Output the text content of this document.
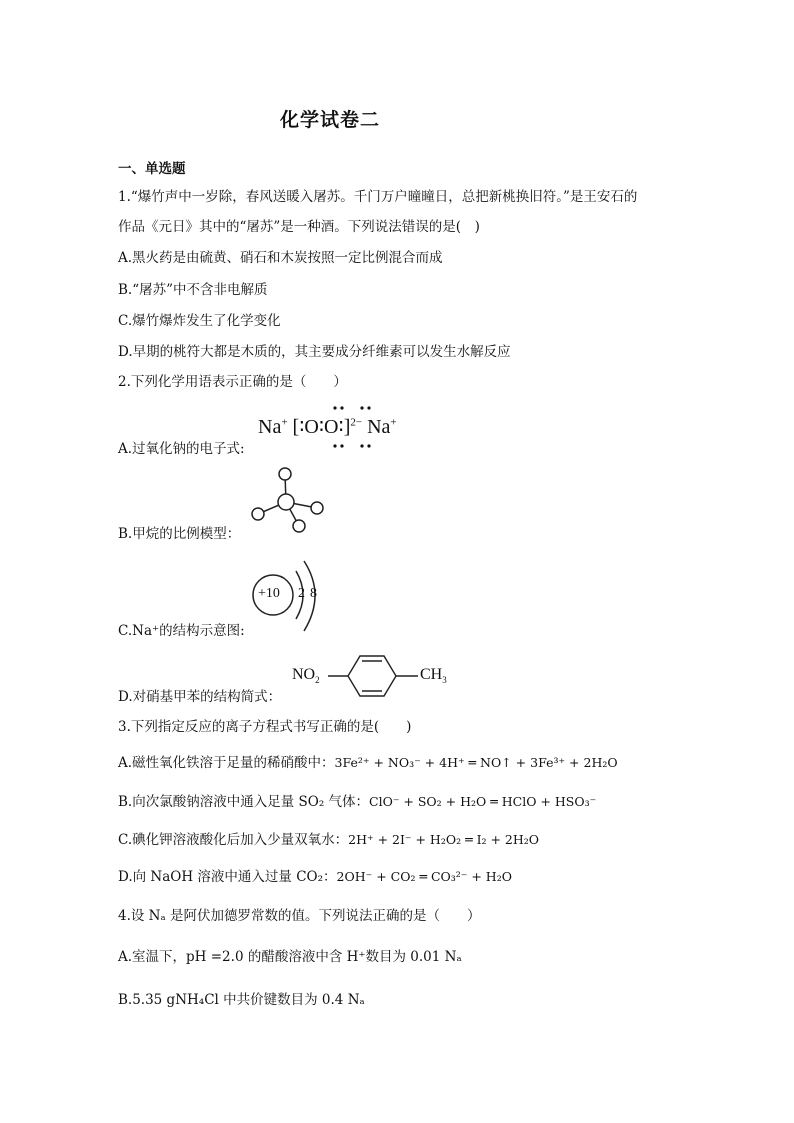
化学试卷二
一、单选题
1.“爆竹声中一岁除，春风送暖入屠苏。千门万户曈曈日，总把新桃换旧符。”是王安石的
作品《元日》其中的“屠苏”是一种酒。下列说法错误的是(　)
A.黑火药是由硫黄、硝石和木炭按照一定比例混合而成
B.“屠苏”中不含非电解质
C.爆竹爆炸发生了化学变化
D.早期的桃符大都是木质的，其主要成分纤维素可以发生水解反应
2.下列化学用语表示正确的是（　　）
Na+ [∶O∶O∶]$^{2-}$ Na+
A.过氧化钠的电子式:
B.甲烷的比例模型：
+10 2 8
C.Na⁺的结构示意图:
$NO_2$	$CH_3$
D.对硝基甲苯的结构简式：
3.下列指定反应的离子方程式书写正确的是(　　)
A.磁性氧化铁溶于足量的稀硝酸中：3Fe²⁺ + NO₃⁻ + 4H⁺ ═ NO↑ + 3Fe³⁺ + 2H₂O
B.向次氯酸钠溶液中通入足量 SO₂ 气体：ClO⁻ + SO₂ + H₂O ═ HClO + HSO₃⁻
C.碘化钾溶液酸化后加入少量双氧水：2H⁺ + 2I⁻ + H₂O₂ ═ I₂ + 2H₂O
D.向 NaOH 溶液中通入过量 CO₂：2OH⁻ + CO₂ ═ CO₃²⁻ + H₂O
4.设 Nₐ 是阿伏加德罗常数的值。下列说法正确的是（　　）
A.室温下，pH =2.0 的醋酸溶液中含 H⁺数目为 0.01 Nₐ
B.5.35 gNH₄Cl 中共价键数目为 0.4 Nₐ
